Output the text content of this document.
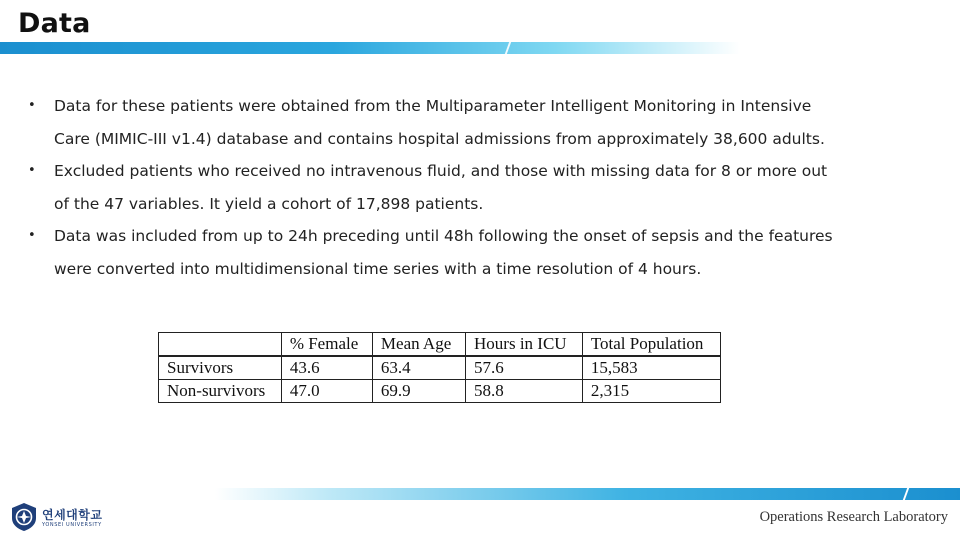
Data
• Data for these patients were obtained from the Multiparameter Intelligent Monitoring in Intensive
Care (MIMIC-III v1.4) database and contains hospital admissions from approximately 38,600 adults.
• Excluded patients who received no intravenous fluid, and those with missing data for 8 or more out
of the 47 variables. It yield a cohort of 17,898 patients.
• Data was included from up to 24h preceding until 48h following the onset of sepsis and the features
were converted into multidimensional time series with a time resolution of 4 hours.
	% Female	Mean Age	Hours in ICU	Total Population
Survivors	43.6	63.4	57.6	15,583
Non-survivors	47.0	69.9	58.8	2,315
연세대학교
YONSEI UNIVERSITY	Operations Research Laboratory
